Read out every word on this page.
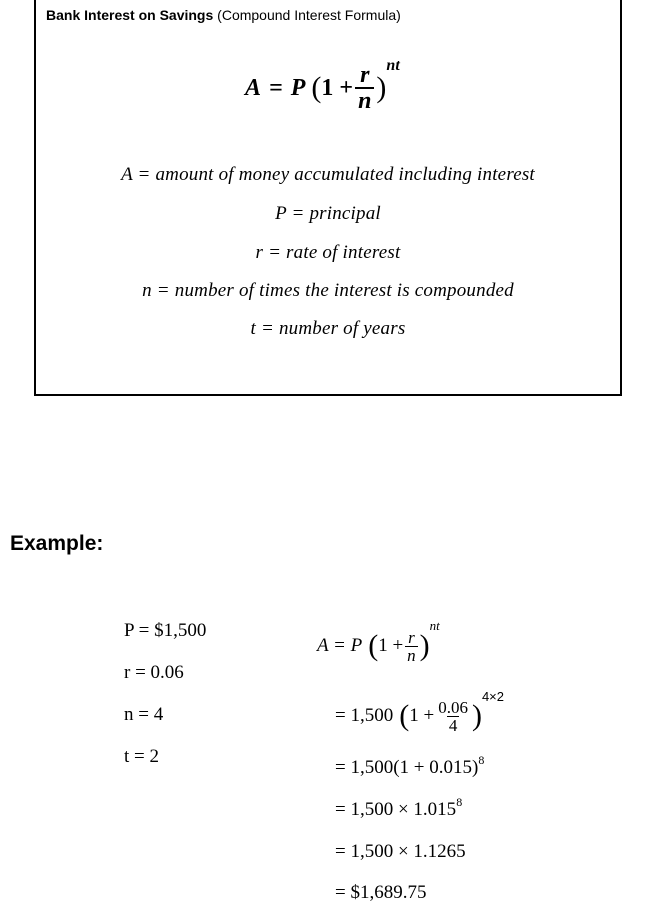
Bank Interest on Savings (Compound Interest Formula)
A = P ( $1 + \frac{r}{n}$ )
nt
A = amount of money accumulated including interest
P = principal
r = rate of interest
n = number of times the interest is compounded
t = number of years
Example:
P = $1,500
r = 0.06
n = 4
t = 2
A = P ( $1 + \frac{r}{n}$ )
nt
= 1,500 ( $1 + \frac{0.06}{4}$ )
4×2
= 1,500(1 + 0.015) 8
= 1,500 × 1.015 8
= 1,500 × 1.1265
= $1,689.75
